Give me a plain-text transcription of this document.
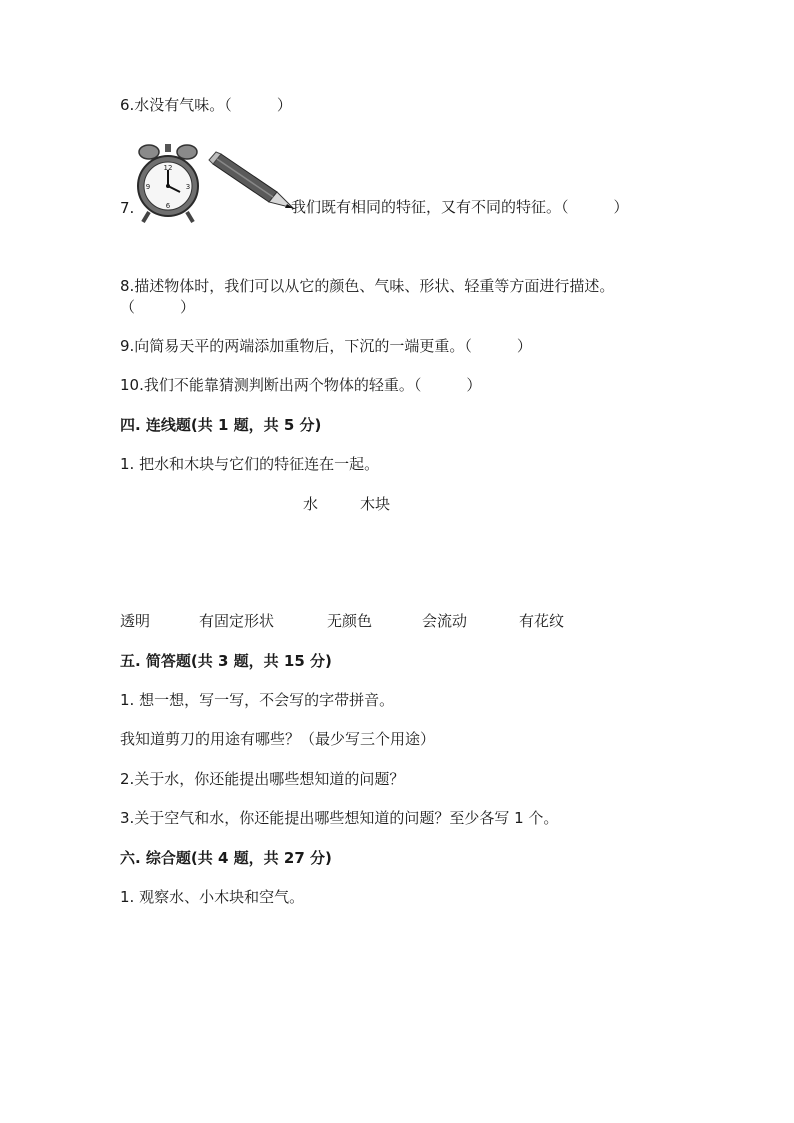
6.水没有气味。（　　　）
12
3
6
9
7.	我们既有相同的特征，又有不同的特征。（　　　）
8.描述物体时，我们可以从它的颜色、气味、形状、轻重等方面进行描述。
（　　　）
9.向简易天平的两端添加重物后，下沉的一端更重。（　　　）
10.我们不能靠猜测判断出两个物体的轻重。（　　　）
四. 连线题(共 1 题，共 5 分)
1. 把水和木块与它们的特征连在一起。
水	木块
透明	有固定形状	无颜色	会流动	有花纹
五. 简答题(共 3 题，共 15 分)
1. 想一想，写一写，不会写的字带拼音。
我知道剪刀的用途有哪些？（最少写三个用途）
2.关于水，你还能提出哪些想知道的问题？
3.关于空气和水，你还能提出哪些想知道的问题？至少各写 1 个。
六. 综合题(共 4 题，共 27 分)
1. 观察水、小木块和空气。
